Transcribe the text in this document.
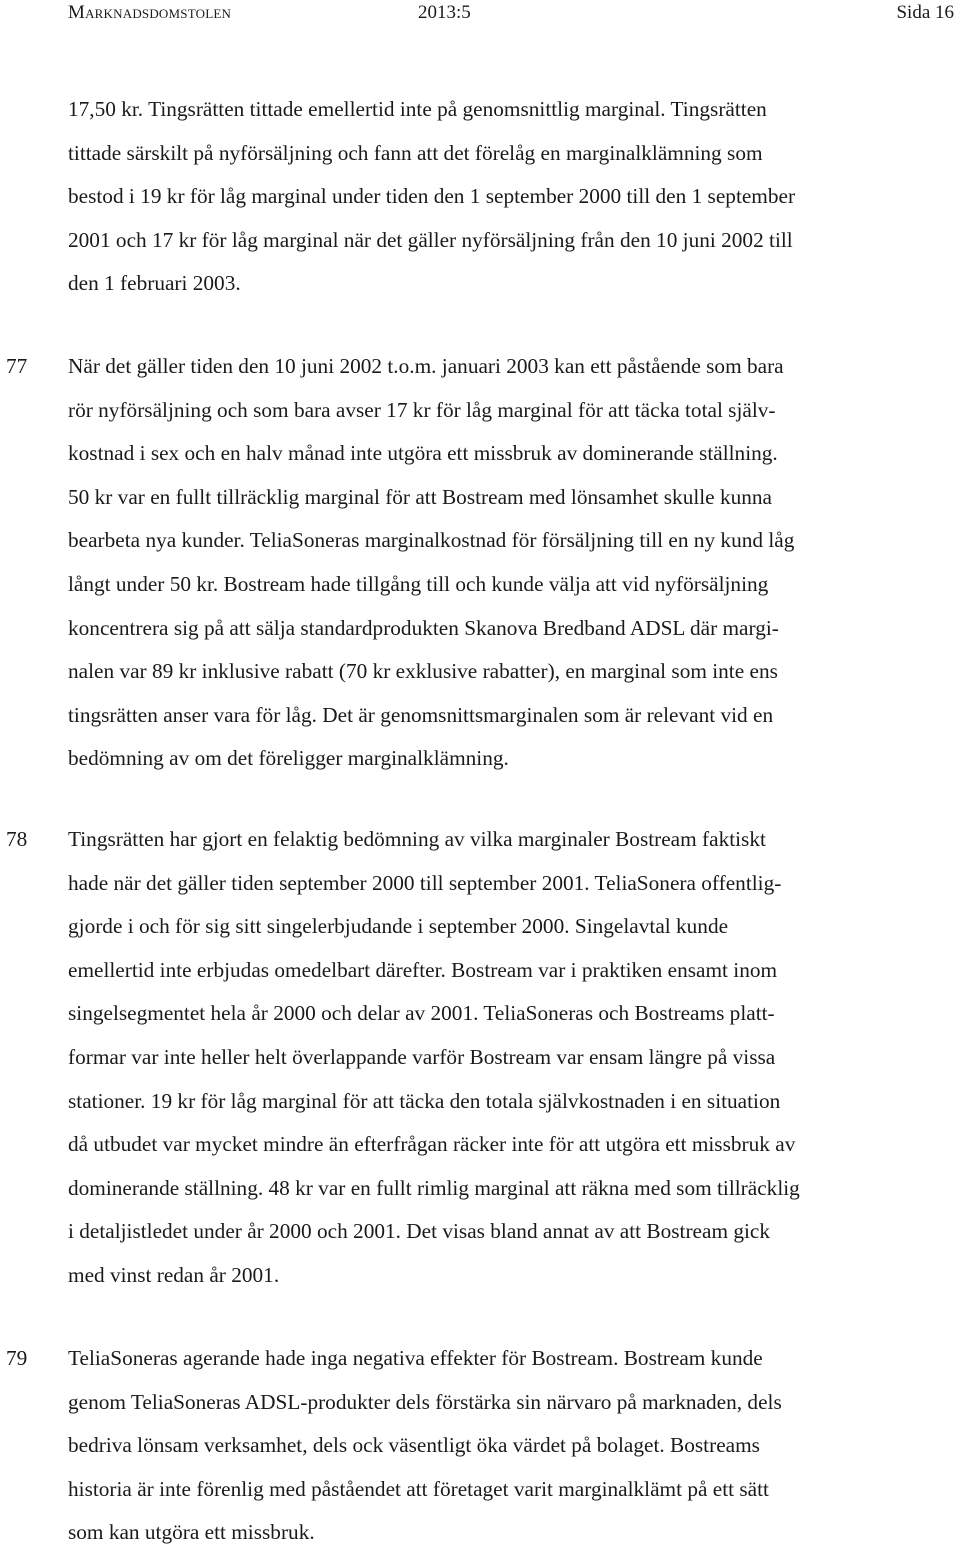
Marknadsdomstolen	2013:5	Sida 16
17,50 kr. Tingsrätten tittade emellertid inte på genomsnittlig marginal. Tingsrätten
tittade särskilt på nyförsäljning och fann att det förelåg en marginalklämning som
bestod i 19 kr för låg marginal under tiden den 1 september 2000 till den 1 september
2001 och 17 kr för låg marginal när det gäller nyförsäljning från den 10 juni 2002 till
den 1 februari 2003.
77 När det gäller tiden den 10 juni 2002 t.o.m. januari 2003 kan ett påstående som bara
rör nyförsäljning och som bara avser 17 kr för låg marginal för att täcka total själv-
kostnad i sex och en halv månad inte utgöra ett missbruk av dominerande ställning.
50 kr var en fullt tillräcklig marginal för att Bostream med lönsamhet skulle kunna
bearbeta nya kunder. TeliaSoneras marginalkostnad för försäljning till en ny kund låg
långt under 50 kr. Bostream hade tillgång till och kunde välja att vid nyförsäljning
koncentrera sig på att sälja standardprodukten Skanova Bredband ADSL där margi-
nalen var 89 kr inklusive rabatt (70 kr exklusive rabatter), en marginal som inte ens
tingsrätten anser vara för låg. Det är genomsnittsmarginalen som är relevant vid en
bedömning av om det föreligger marginalklämning.
78 Tingsrätten har gjort en felaktig bedömning av vilka marginaler Bostream faktiskt
hade när det gäller tiden september 2000 till september 2001. TeliaSonera offentlig-
gjorde i och för sig sitt singelerbjudande i september 2000. Singelavtal kunde
emellertid inte erbjudas omedelbart därefter. Bostream var i praktiken ensamt inom
singelsegmentet hela år 2000 och delar av 2001. TeliaSoneras och Bostreams platt-
formar var inte heller helt överlappande varför Bostream var ensam längre på vissa
stationer. 19 kr för låg marginal för att täcka den totala självkostnaden i en situation
då utbudet var mycket mindre än efterfrågan räcker inte för att utgöra ett missbruk av
dominerande ställning. 48 kr var en fullt rimlig marginal att räkna med som tillräcklig
i detaljistledet under år 2000 och 2001. Det visas bland annat av att Bostream gick
med vinst redan år 2001.
79 TeliaSoneras agerande hade inga negativa effekter för Bostream. Bostream kunde
genom TeliaSoneras ADSL-produkter dels förstärka sin närvaro på marknaden, dels
bedriva lönsam verksamhet, dels ock väsentligt öka värdet på bolaget. Bostreams
historia är inte förenlig med påståendet att företaget varit marginalklämt på ett sätt
som kan utgöra ett missbruk.
